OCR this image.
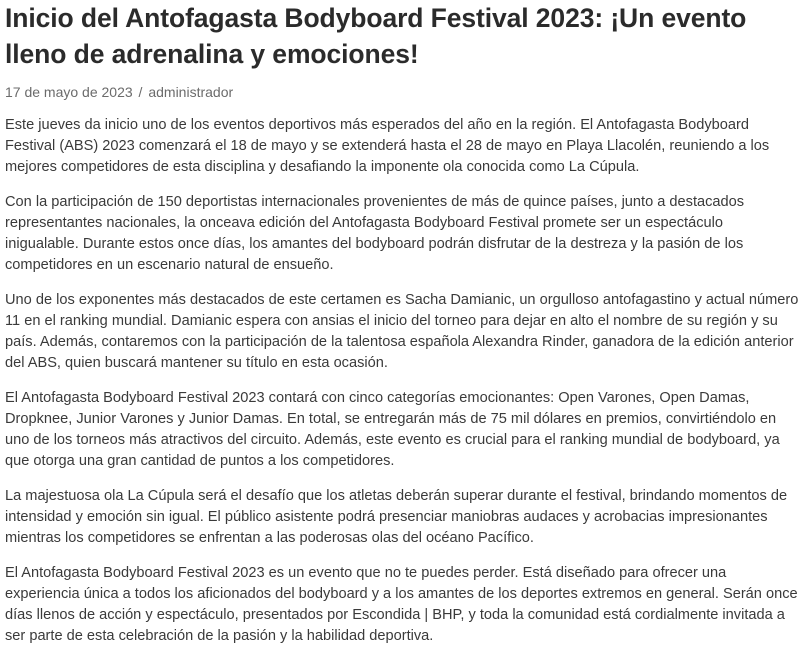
Inicio del Antofagasta Bodyboard Festival 2023: ¡Un evento lleno de adrenalina y emociones!
17 de mayo de 2023 / administrador

Este jueves da inicio uno de los eventos deportivos más esperados del año en la región. El Antofagasta Bodyboard Festival (ABS) 2023 comenzará el 18 de mayo y se extenderá hasta el 28 de mayo en Playa Llacolén, reuniendo a los mejores competidores de esta disciplina y desafiando la imponente ola conocida como La Cúpula.

Con la participación de 150 deportistas internacionales provenientes de más de quince países, junto a destacados representantes nacionales, la onceava edición del Antofagasta Bodyboard Festival promete ser un espectáculo inigualable. Durante estos once días, los amantes del bodyboard podrán disfrutar de la destreza y la pasión de los competidores en un escenario natural de ensueño.

Uno de los exponentes más destacados de este certamen es Sacha Damianic, un orgulloso antofagastino y actual número 11 en el ranking mundial. Damianic espera con ansias el inicio del torneo para dejar en alto el nombre de su región y su país. Además, contaremos con la participación de la talentosa española Alexandra Rinder, ganadora de la edición anterior del ABS, quien buscará mantener su título en esta ocasión.

El Antofagasta Bodyboard Festival 2023 contará con cinco categorías emocionantes: Open Varones, Open Damas, Dropknee, Junior Varones y Junior Damas. En total, se entregarán más de 75 mil dólares en premios, convirtiéndolo en uno de los torneos más atractivos del circuito. Además, este evento es crucial para el ranking mundial de bodyboard, ya que otorga una gran cantidad de puntos a los competidores.

La majestuosa ola La Cúpula será el desafío que los atletas deberán superar durante el festival, brindando momentos de intensidad y emoción sin igual. El público asistente podrá presenciar maniobras audaces y acrobacias impresionantes mientras los competidores se enfrentan a las poderosas olas del océano Pacífico.

El Antofagasta Bodyboard Festival 2023 es un evento que no te puedes perder. Está diseñado para ofrecer una experiencia única a todos los aficionados del bodyboard y a los amantes de los deportes extremos en general. Serán once días llenos de acción y espectáculo, presentados por Escondida | BHP, y toda la comunidad está cordialmente invitada a ser parte de esta celebración de la pasión y la habilidad deportiva.
